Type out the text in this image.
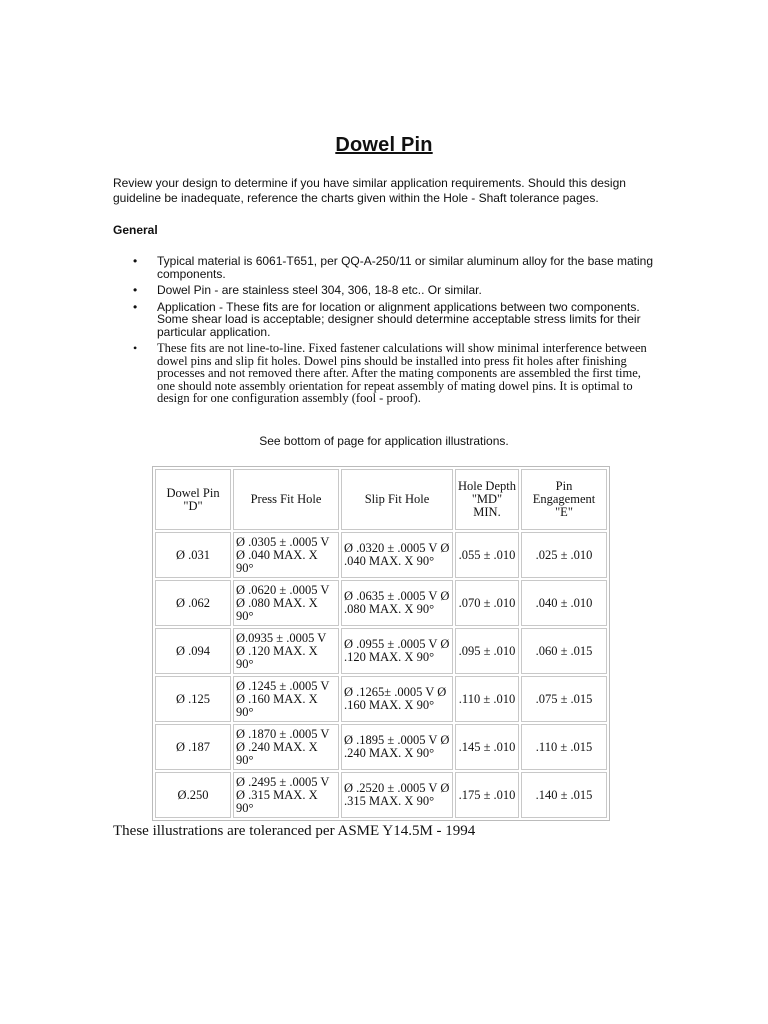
Dowel Pin
Review your design to determine if you have similar application requirements. Should this design guideline be inadequate, reference the charts given within the Hole - Shaft tolerance pages.
General
• Typical material is 6061-T651, per QQ-A-250/11 or similar aluminum alloy for the base mating components.
• Dowel Pin - are stainless steel 304, 306, 18-8 etc.. Or similar.
• Application - These fits are for location or alignment applications between two components. Some shear load is acceptable; designer should determine acceptable stress limits for their particular application.
• These fits are not line-to-line. Fixed fastener calculations will show minimal interference between dowel pins and slip fit holes. Dowel pins should be installed into press fit holes after finishing processes and not removed there after. After the mating components are assembled the first time, one should note assembly orientation for repeat assembly of mating dowel pins. It is optimal to design for one configuration assembly (fool - proof).
See bottom of page for application illustrations.
Dowel Pin "D"	Press Fit Hole	Slip Fit Hole	Hole Depth "MD" MIN.	Pin Engagement "E"
Ø .031	Ø .0305 ± .0005 V Ø .040 MAX. X 90°	Ø .0320 ± .0005 V Ø .040 MAX. X 90°	.055 ± .010	.025 ± .010
Ø .062	Ø .0620 ± .0005 V Ø .080 MAX. X 90°	Ø .0635 ± .0005 V Ø .080 MAX. X 90°	.070 ± .010	.040 ± .010
Ø .094	Ø.0935 ± .0005 V Ø .120 MAX. X 90°	Ø .0955 ± .0005 V Ø .120 MAX. X 90°	.095 ± .010	.060 ± .015
Ø .125	Ø .1245 ± .0005 V Ø .160 MAX. X 90°	Ø .1265± .0005 V Ø .160 MAX. X 90°	.110 ± .010	.075 ± .015
Ø .187	Ø .1870 ± .0005 V Ø .240 MAX. X 90°	Ø .1895 ± .0005 V Ø .240 MAX. X 90°	.145 ± .010	.110 ± .015
Ø.250	Ø .2495 ± .0005 V Ø .315 MAX. X 90°	Ø .2520 ± .0005 V Ø .315 MAX. X 90°	.175 ± .010	.140 ± .015
These illustrations are toleranced per ASME Y14.5M - 1994
